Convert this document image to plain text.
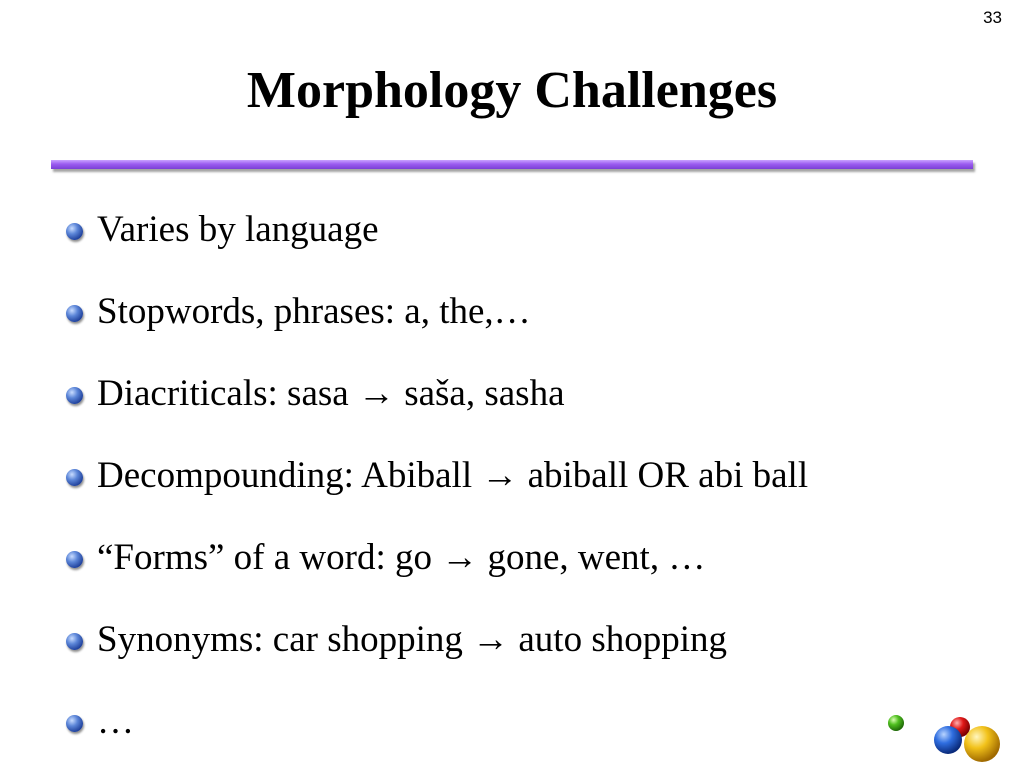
33
Morphology Challenges
Varies by language
Stopwords, phrases: a, the,…
Diacriticals: sasa → saša, sasha
Decompounding: Abiball → abiball OR abi ball
“Forms” of a word: go → gone, went, …
Synonyms: car shopping → auto shopping
…
